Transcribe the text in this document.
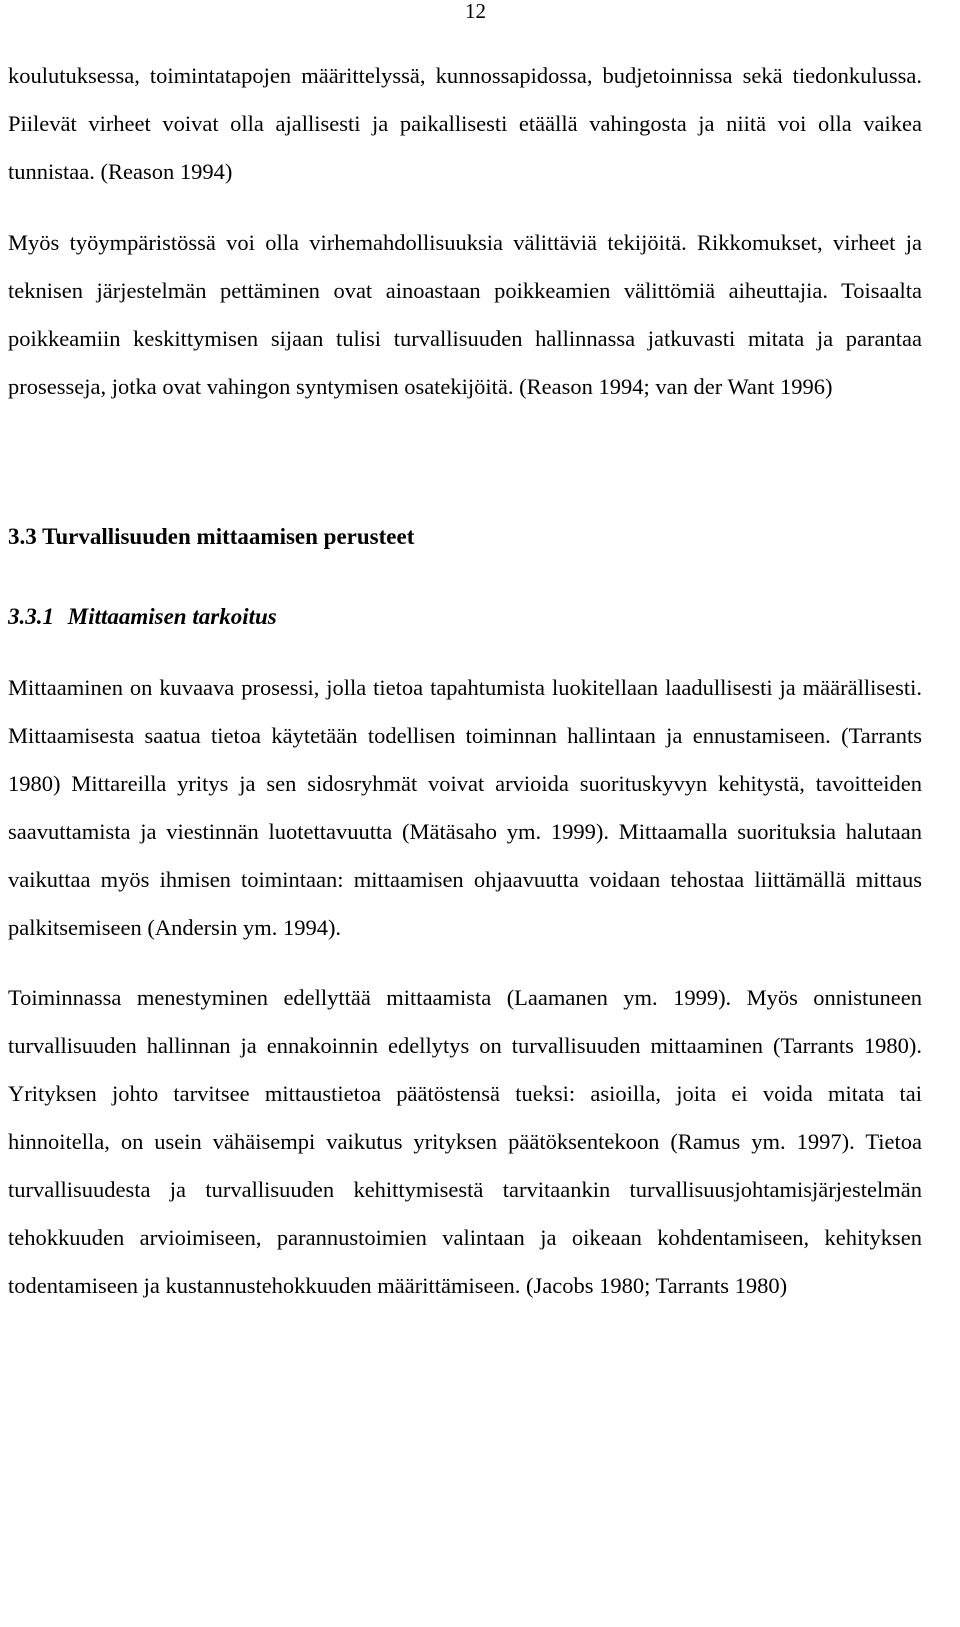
12

koulutuksessa, toimintatapojen määrittelyssä, kunnossapidossa, budjetoinnissa sekä tiedonkulussa. Piilevät virheet voivat olla ajallisesti ja paikallisesti etäällä vahingosta ja niitä voi olla vaikea tunnistaa. (Reason 1994)

Myös työympäristössä voi olla virhemahdollisuuksia välittäviä tekijöitä. Rikkomukset, virheet ja teknisen järjestelmän pettäminen ovat ainoastaan poikkeamien välittömiä aiheuttajia. Toisaalta poikkeamiin keskittymisen sijaan tulisi turvallisuuden hallinnassa jatkuvasti mitata ja parantaa prosesseja, jotka ovat vahingon syntymisen osatekijöitä. (Reason 1994; van der Want 1996)

3.3 Turvallisuuden mittaamisen perusteet
3.3.1 Mittaamisen tarkoitus

Mittaaminen on kuvaava prosessi, jolla tietoa tapahtumista luokitellaan laadullisesti ja määrällisesti. Mittaamisesta saatua tietoa käytetään todellisen toiminnan hallintaan ja ennustamiseen. (Tarrants 1980) Mittareilla yritys ja sen sidosryhmät voivat arvioida suorituskyvyn kehitystä, tavoitteiden saavuttamista ja viestinnän luotettavuutta (Mätäsaho ym. 1999). Mittaamalla suorituksia halutaan vaikuttaa myös ihmisen toimintaan: mittaamisen ohjaavuutta voidaan tehostaa liittämällä mittaus palkitsemiseen (Andersin ym. 1994).

Toiminnassa menestyminen edellyttää mittaamista (Laamanen ym. 1999). Myös onnistuneen turvallisuuden hallinnan ja ennakoinnin edellytys on turvallisuuden mittaaminen (Tarrants 1980). Yrityksen johto tarvitsee mittaustietoa päätöstensä tueksi: asioilla, joita ei voida mitata tai hinnoitella, on usein vähäisempi vaikutus yrityksen päätöksentekoon (Ramus ym. 1997). Tietoa turvallisuudesta ja turvallisuuden kehittymisestä tarvitaankin turvallisuusjohtamisjärjestelmän tehokkuuden arvioimiseen, parannustoimien valintaan ja oikeaan kohdentamiseen, kehityksen todentamiseen ja kustannustehokkuuden määrittämiseen. (Jacobs 1980; Tarrants 1980)
